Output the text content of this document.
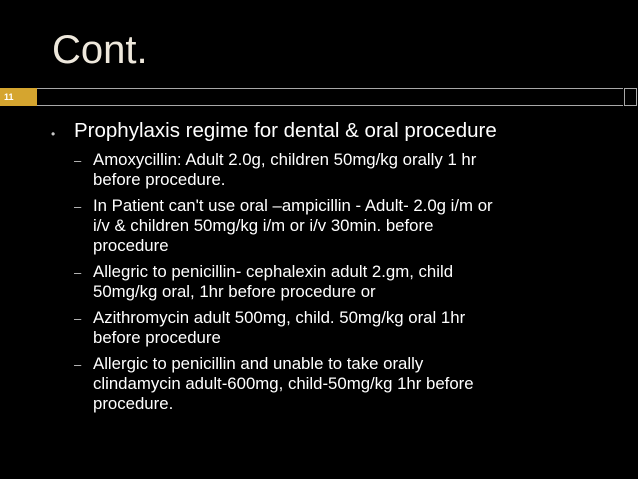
Cont.
11
• Prophylaxis regime for dental & oral procedure
– Amoxycillin: Adult 2.0g, children 50mg/kg orally 1 hr
before procedure.
– In Patient can't use oral –ampicillin - Adult- 2.0g i/m or
i/v & children 50mg/kg i/m or i/v 30min. before
procedure
– Allegric to penicillin- cephalexin adult 2.gm, child
50mg/kg oral, 1hr before procedure or
– Azithromycin adult 500mg, child. 50mg/kg oral 1hr
before procedure
– Allergic to penicillin and unable to take orally
clindamycin adult-600mg, child-50mg/kg 1hr before
procedure.
